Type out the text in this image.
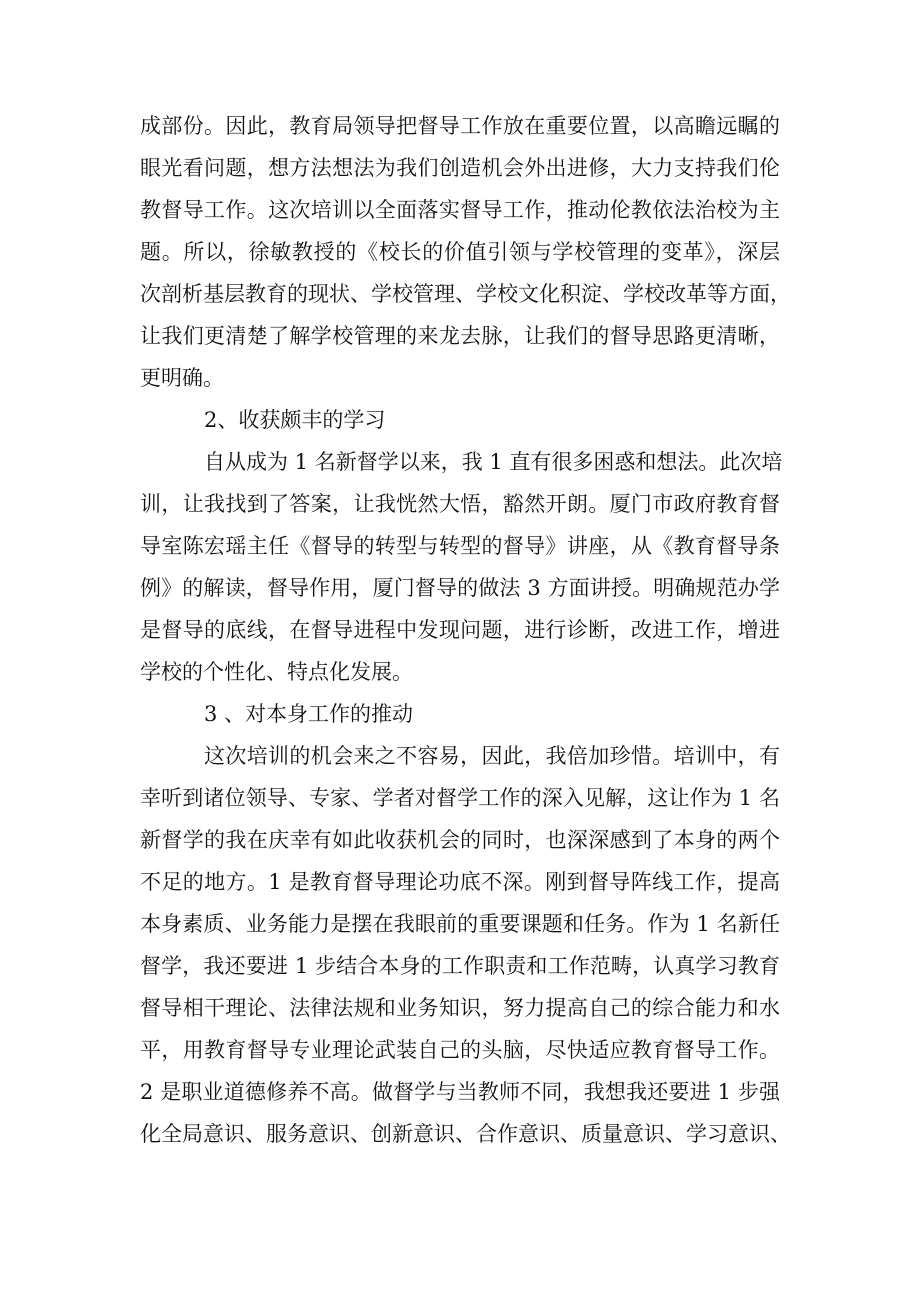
成部份。因此，教育局领导把督导工作放在重要位置，以高瞻远瞩的
眼光看问题，想方法想法为我们创造机会外出进修，大力支持我们伦
教督导工作。这次培训以全面落实督导工作，推动伦教依法治校为主
题。所以，徐敏教授的《校长的价值引领与学校管理的变革》，深层
次剖析基层教育的现状、学校管理、学校文化积淀、学校改革等方面，
让我们更清楚了解学校管理的来龙去脉，让我们的督导思路更清晰，
更明确。
2、收获颇丰的学习
自从成为 1 名新督学以来，我 1 直有很多困惑和想法。此次培
训，让我找到了答案，让我恍然大悟，豁然开朗。厦门市政府教育督
导室陈宏瑶主任《督导的转型与转型的督导》讲座，从《教育督导条
例》的解读，督导作用，厦门督导的做法 3 方面讲授。明确规范办学
是督导的底线，在督导进程中发现问题，进行诊断，改进工作，增进
学校的个性化、特点化发展。
3 、对本身工作的推动
这次培训的机会来之不容易，因此，我倍加珍惜。培训中，有
幸听到诸位领导、专家、学者对督学工作的深入见解，这让作为 1 名
新督学的我在庆幸有如此收获机会的同时，也深深感到了本身的两个
不足的地方。1 是教育督导理论功底不深。刚到督导阵线工作，提高
本身素质、业务能力是摆在我眼前的重要课题和任务。作为 1 名新任
督学，我还要进 1 步结合本身的工作职责和工作范畴，认真学习教育
督导相干理论、法律法规和业务知识，努力提高自己的综合能力和水
平，用教育督导专业理论武装自己的头脑，尽快适应教育督导工作。
2 是职业道德修养不高。做督学与当教师不同，我想我还要进 1 步强
化全局意识、服务意识、创新意识、合作意识、质量意识、学习意识、
